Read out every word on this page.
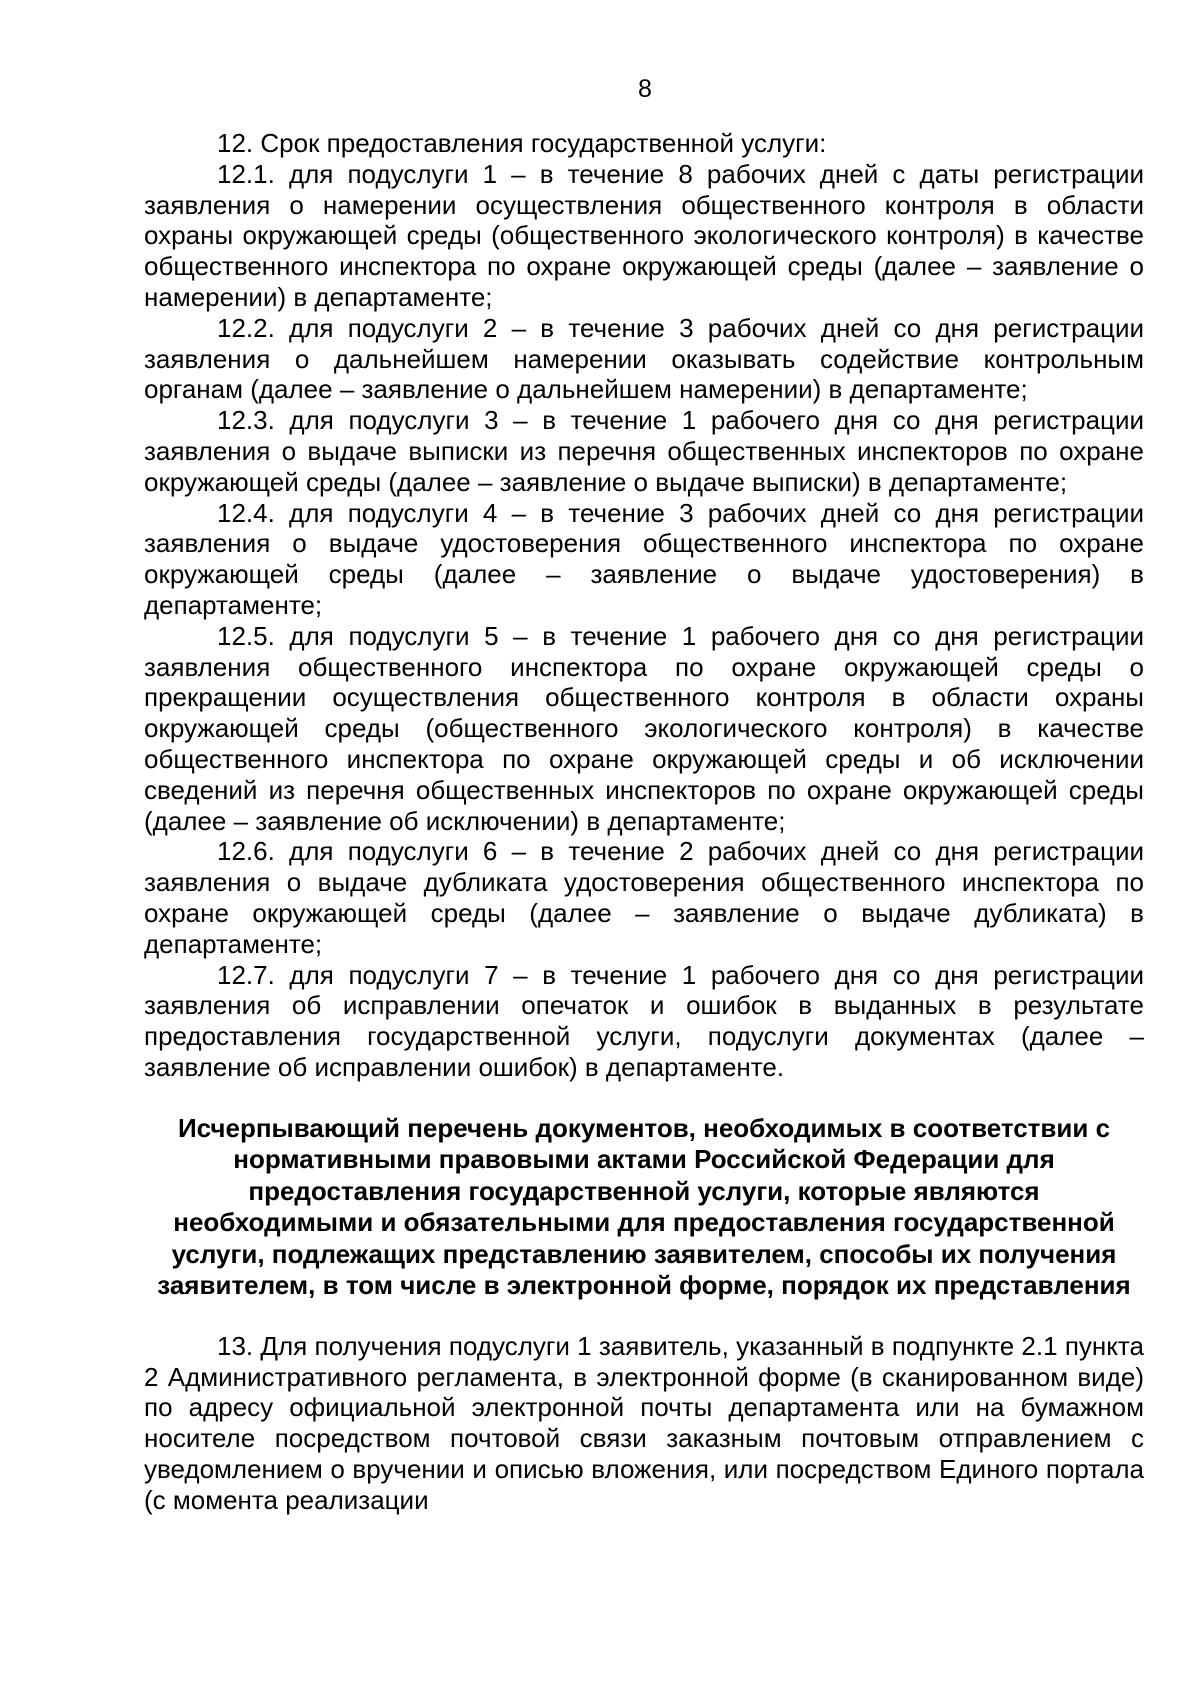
8

12. Срок предоставления государственной услуги:

12.1. для подуслуги 1 – в течение 8 рабочих дней с даты регистрации заявления о намерении осуществления общественного контроля в области охраны окружающей среды (общественного экологического контроля) в качестве общественного инспектора по охране окружающей среды (далее – заявление о намерении) в департаменте;

12.2. для подуслуги 2 – в течение 3 рабочих дней со дня регистрации заявления о дальнейшем намерении оказывать содействие контрольным органам (далее – заявление о дальнейшем намерении) в департаменте;

12.3. для подуслуги 3 – в течение 1 рабочего дня со дня регистрации заявления о выдаче выписки из перечня общественных инспекторов по охране окружающей среды (далее – заявление о выдаче выписки) в департаменте;

12.4. для подуслуги 4 – в течение 3 рабочих дней со дня регистрации заявления о выдаче удостоверения общественного инспектора по охране окружающей среды (далее – заявление о выдаче удостоверения) в департаменте;

12.5. для подуслуги 5 – в течение 1 рабочего дня со дня регистрации заявления общественного инспектора по охране окружающей среды о прекращении осуществления общественного контроля в области охраны окружающей среды (общественного экологического контроля) в качестве общественного инспектора по охране окружающей среды и об исключении сведений из перечня общественных инспекторов по охране окружающей среды (далее – заявление об исключении) в департаменте;

12.6. для подуслуги 6 – в течение 2 рабочих дней со дня регистрации заявления о выдаче дубликата удостоверения общественного инспектора по охране окружающей среды (далее – заявление о выдаче дубликата) в департаменте;

12.7. для подуслуги 7 – в течение 1 рабочего дня со дня регистрации заявления об исправлении опечаток и ошибок в выданных в результате предоставления государственной услуги, подуслуги документах (далее – заявление об исправлении ошибок) в департаменте.

Исчерпывающий перечень документов, необходимых в соответствии с нормативными правовыми актами Российской Федерации для предоставления государственной услуги, которые являются необходимыми и обязательными для предоставления государственной услуги, подлежащих представлению заявителем, способы их получения заявителем, в том числе в электронной форме, порядок их представления

13. Для получения подуслуги 1 заявитель, указанный в подпункте 2.1 пункта 2 Административного регламента, в электронной форме (в сканированном виде) по адресу официальной электронной почты департамента или на бумажном носителе посредством почтовой связи заказным почтовым отправлением с уведомлением о вручении и описью вложения, или посредством Единого портала (с момента реализации
